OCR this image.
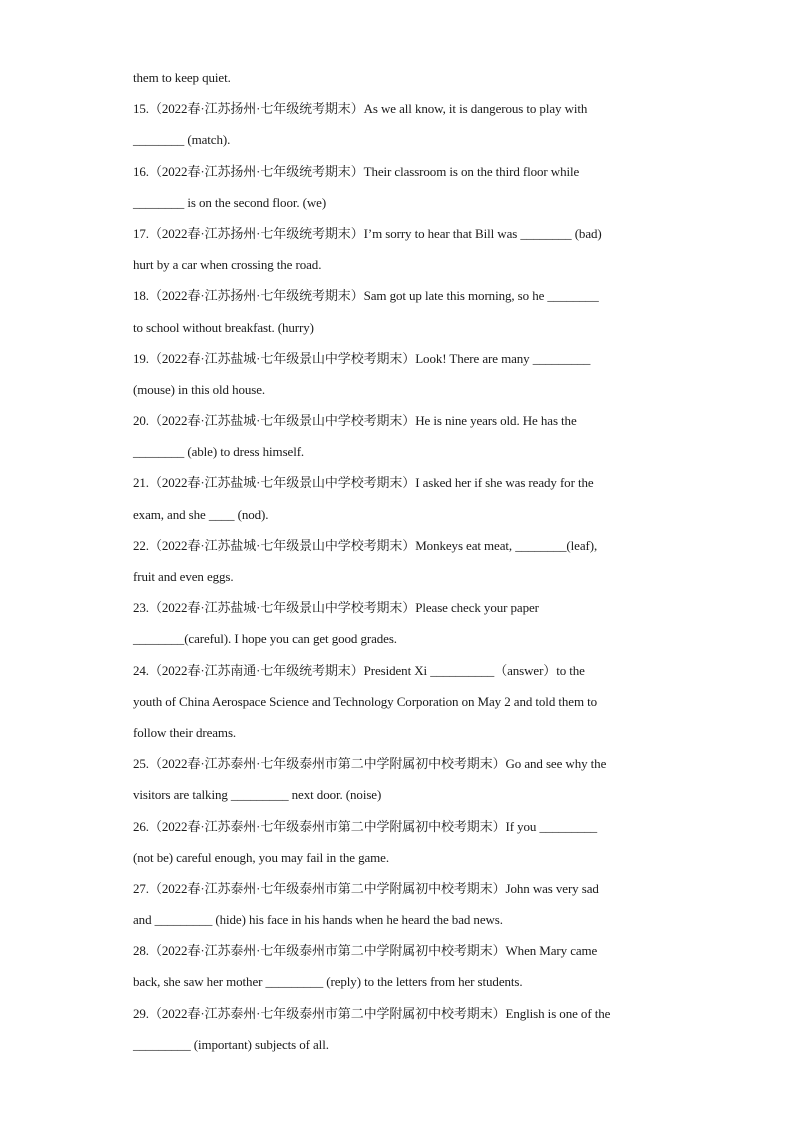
them to keep quiet.
15.（2022春·江苏扬州·七年级统考期末）As we all know, it is dangerous to play with
________ (match).
16.（2022春·江苏扬州·七年级统考期末）Their classroom is on the third floor while
________ is on the second floor. (we)
17.（2022春·江苏扬州·七年级统考期末）I’m sorry to hear that Bill was ________ (bad)
hurt by a car when crossing the road.
18.（2022春·江苏扬州·七年级统考期末）Sam got up late this morning, so he ________
to school without breakfast. (hurry)
19.（2022春·江苏盐城·七年级景山中学校考期末）Look! There are many _________
(mouse) in this old house.
20.（2022春·江苏盐城·七年级景山中学校考期末）He is nine years old. He has the
________ (able) to dress himself.
21.（2022春·江苏盐城·七年级景山中学校考期末）I asked her if she was ready for the
exam, and she ____ (nod).
22.（2022春·江苏盐城·七年级景山中学校考期末）Monkeys eat meat, ________(leaf),
fruit and even eggs.
23.（2022春·江苏盐城·七年级景山中学校考期末）Please check your paper
________(careful). I hope you can get good grades.
24.（2022春·江苏南通·七年级统考期末）President Xi __________（answer）to the
youth of China Aerospace Science and Technology Corporation on May 2 and told them to
follow their dreams.
25.（2022春·江苏泰州·七年级泰州市第二中学附属初中校考期末）Go and see why the
visitors are talking _________ next door. (noise)
26.（2022春·江苏泰州·七年级泰州市第二中学附属初中校考期末）If you _________
(not be) careful enough, you may fail in the game.
27.（2022春·江苏泰州·七年级泰州市第二中学附属初中校考期末）John was very sad
and _________ (hide) his face in his hands when he heard the bad news.
28.（2022春·江苏泰州·七年级泰州市第二中学附属初中校考期末）When Mary came
back, she saw her mother _________ (reply) to the letters from her students.
29.（2022春·江苏泰州·七年级泰州市第二中学附属初中校考期末）English is one of the
_________ (important) subjects of all.
